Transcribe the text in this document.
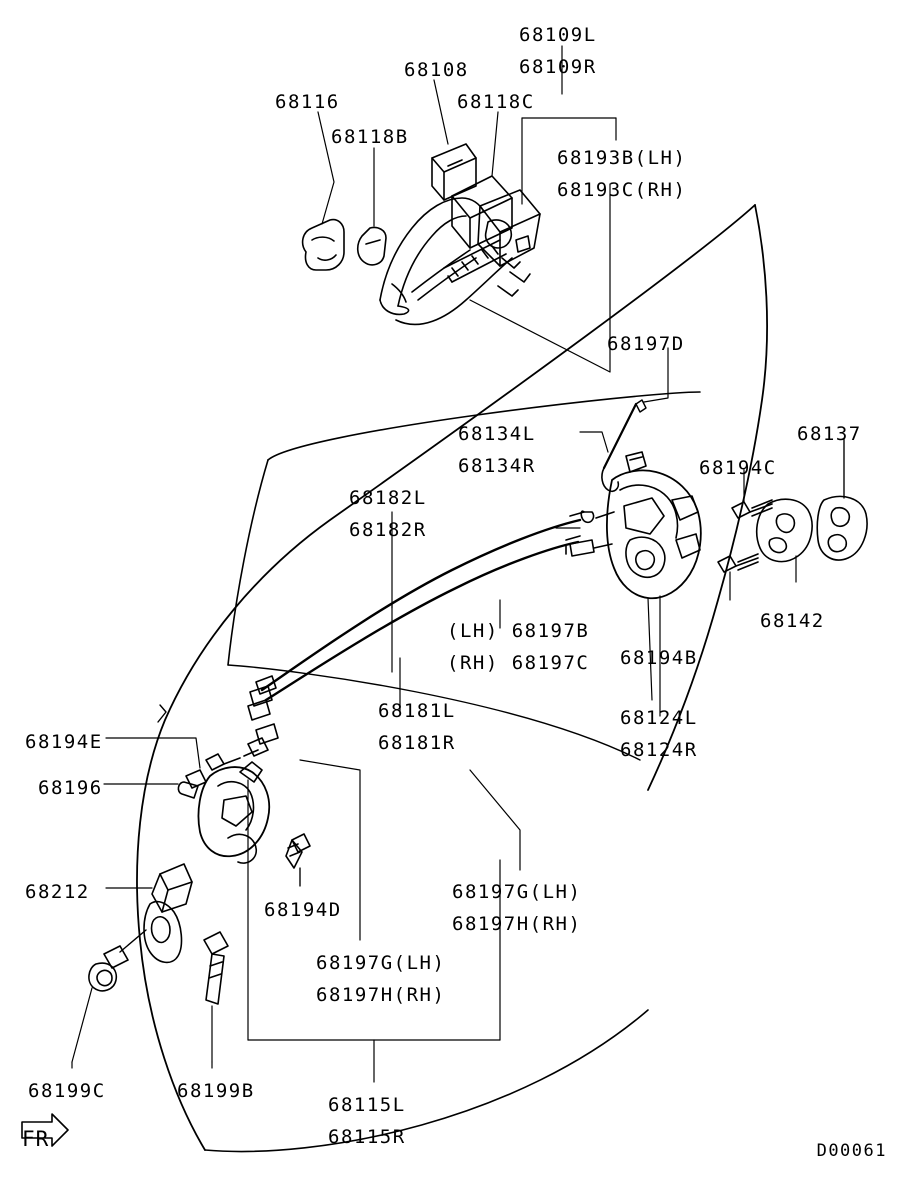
68109L
68109R
68108
68118C
68116
68118B
68193B(LH)
68193C(RH)
68197D
68137
68134L
68134R	68194C
68182L
68182R
68142
(LH) 68197B
(RH) 68197C 68194B
68181L
68181R
68124L
68124R
68194E
68196
68212	68197G(LH)
68197H(RH)
68194D
68197G(LH)
68197H(RH)
68199C	68199B
68115L
68115R
FR	D00061
